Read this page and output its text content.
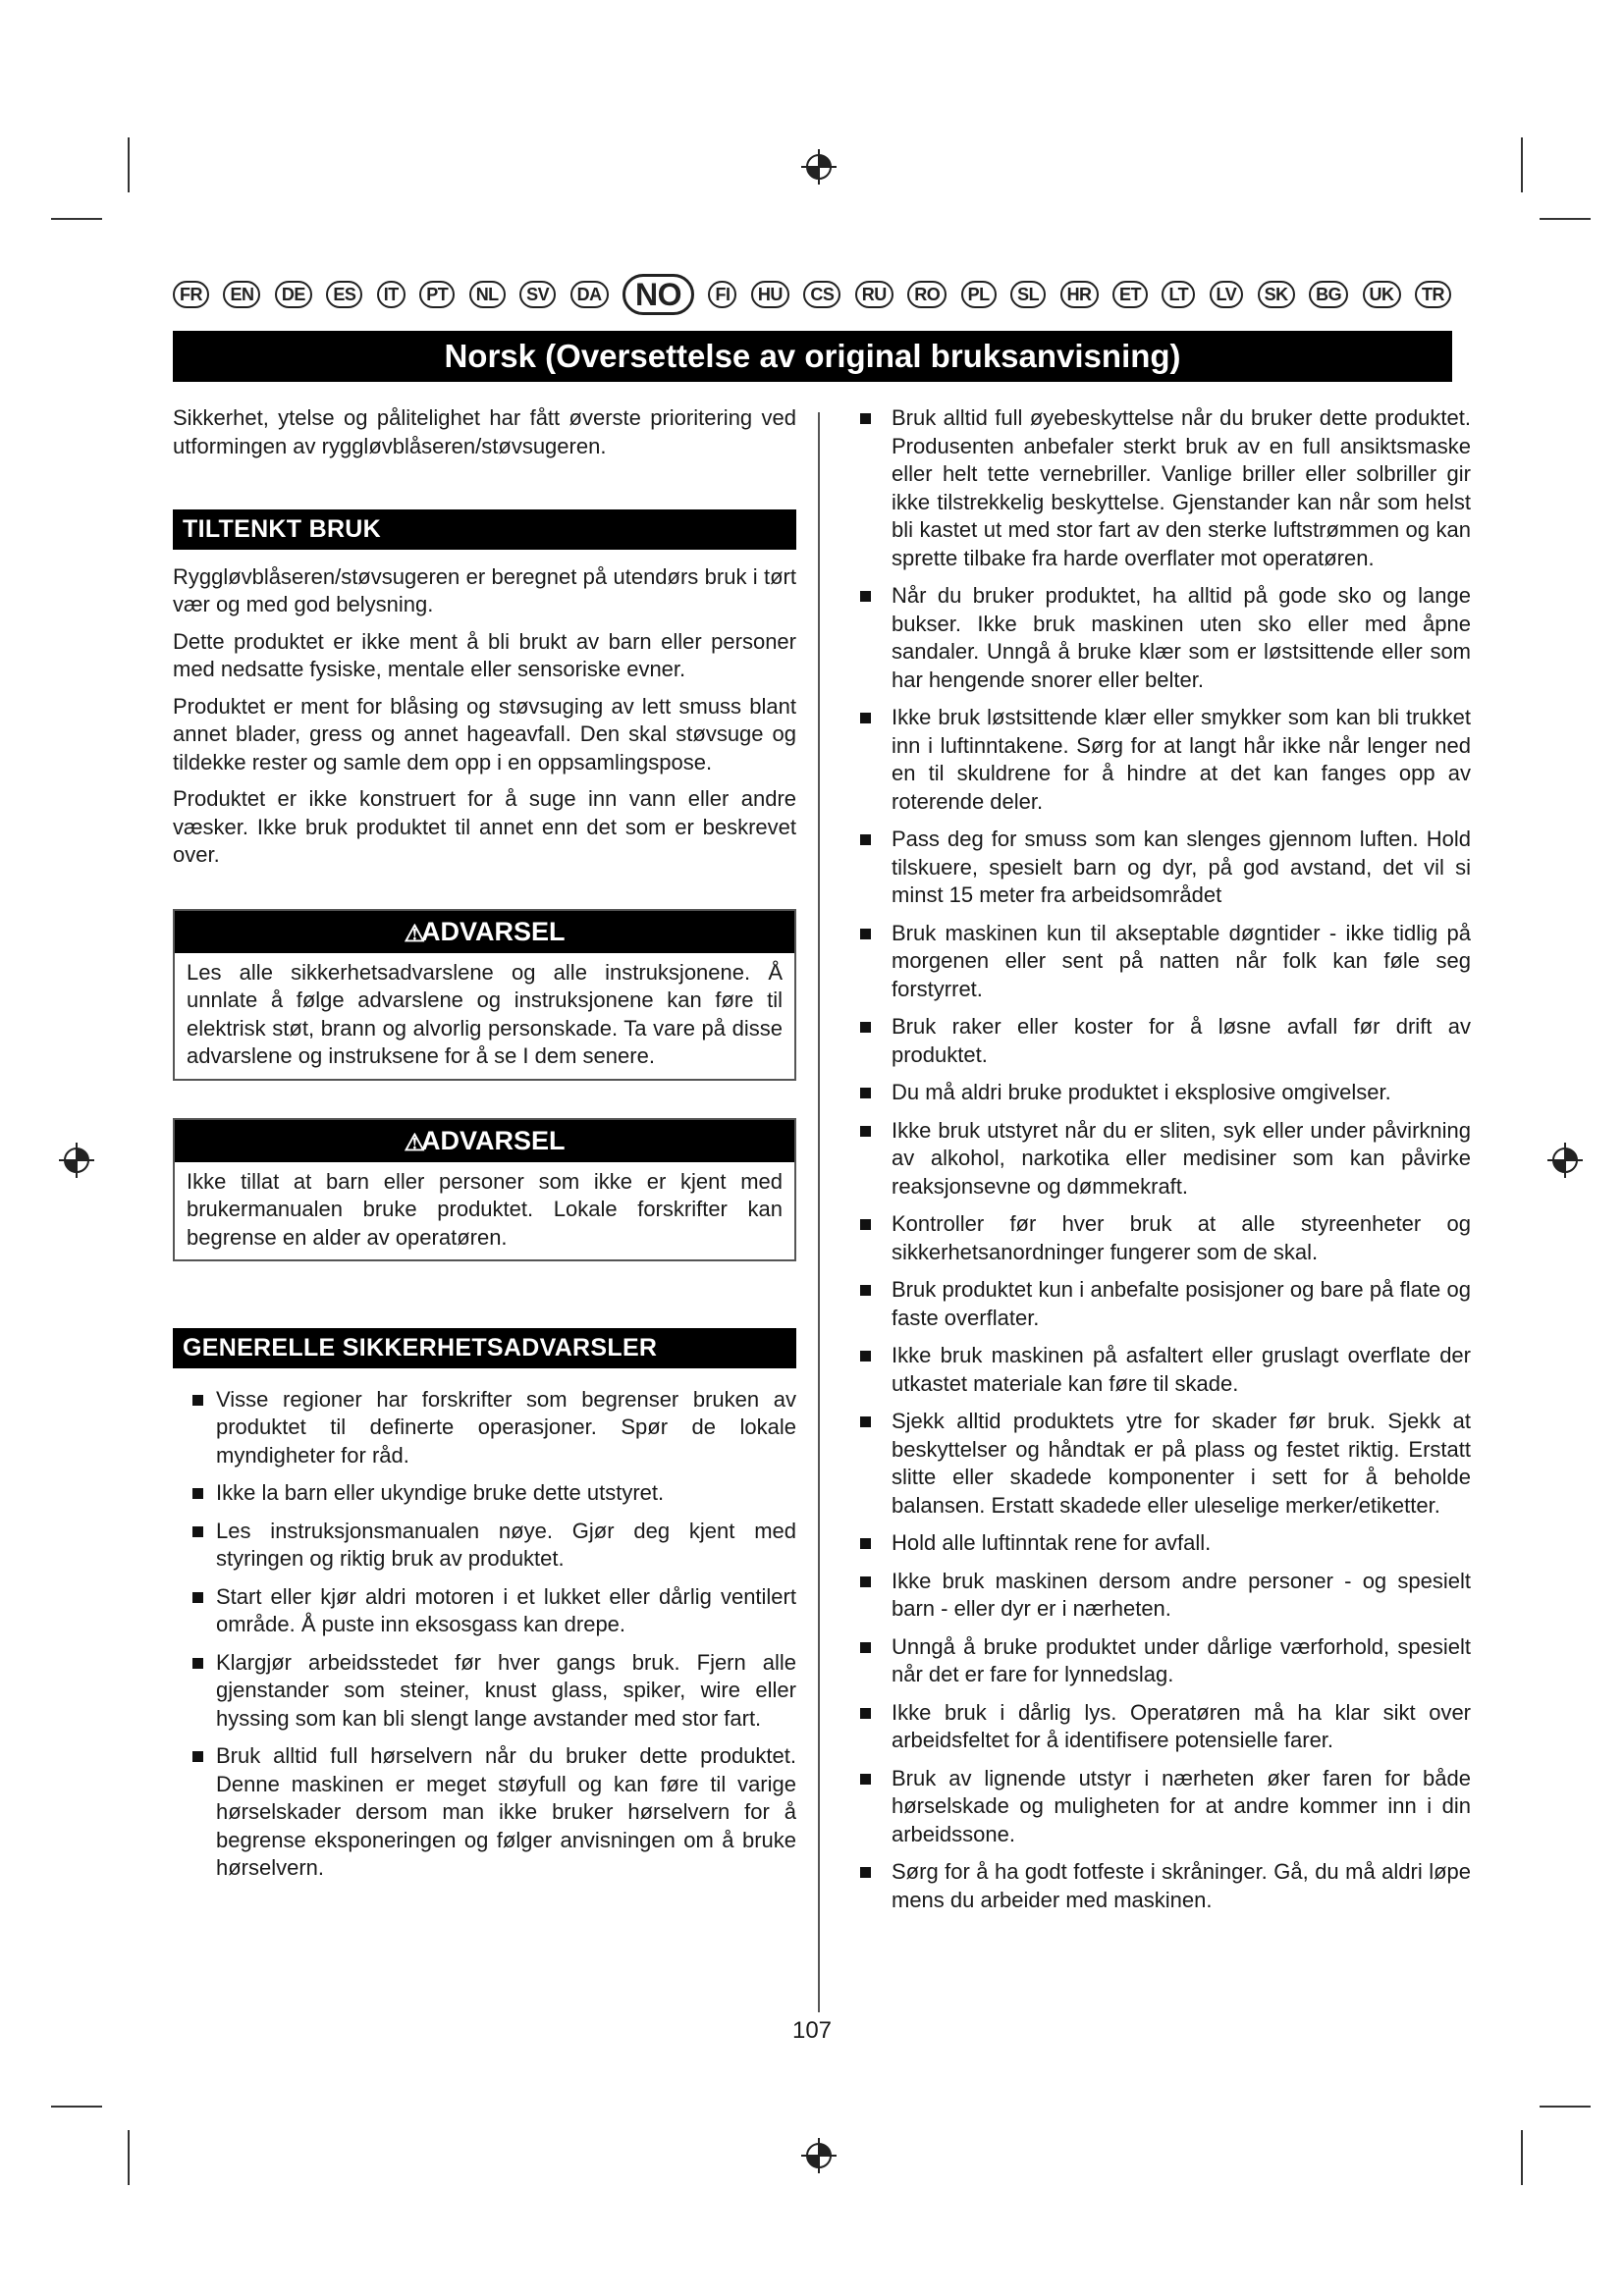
FR	EN	DE	ES	IT	PT	NL	SV	DA	NO	FI	HU	CS	RU	RO	PL	SL	HR	ET	LT	LV	SK	BG	UK	TR
Norsk (Oversettelse av original bruksanvisning)

Sikkerhet, ytelse og pålitelighet har fått øverste prioritering ved utformingen av ryggløvblåseren/støvsugeren.

TILTENKT BRUK

Ryggløvblåseren/støvsugeren er beregnet på utendørs bruk i tørt vær og med god belysning.

Dette produktet er ikke ment å bli brukt av barn eller personer med nedsatte fysiske, mentale eller sensoriske evner.

Produktet er ment for blåsing og støvsuging av lett smuss blant annet blader, gress og annet hageavfall. Den skal støvsuge og tildekke rester og samle dem opp i en oppsamlingspose.

Produktet er ikke konstruert for å suge inn vann eller andre væsker. Ikke bruk produktet til annet enn det som er beskrevet over.

⚠ADVARSEL
Les alle sikkerhetsadvarslene og alle instruksjonene. Å unnlate å følge advarslene og instruksjonene kan føre til elektrisk støt, brann og alvorlig personskade. Ta vare på disse advarslene og instruksene for å se I dem senere.
⚠ADVARSEL
Ikke tillat at barn eller personer som ikke er kjent med brukermanualen bruke produktet. Lokale forskrifter kan begrense en alder av operatøren.
GENERELLE SIKKERHETSADVARSLER
Visse regioner har forskrifter som begrenser bruken av produktet til definerte operasjoner. Spør de lokale myndigheter for råd.
Ikke la barn eller ukyndige bruke dette utstyret.
Les instruksjonsmanualen nøye. Gjør deg kjent med styringen og riktig bruk av produktet.
Start eller kjør aldri motoren i et lukket eller dårlig ventilert område. Å puste inn eksosgass kan drepe.
Klargjør arbeidsstedet før hver gangs bruk. Fjern alle gjenstander som steiner, knust glass, spiker, wire eller hyssing som kan bli slengt lange avstander med stor fart.
Bruk alltid full hørselvern når du bruker dette produktet. Denne maskinen er meget støyfull og kan føre til varige hørselskader dersom man ikke bruker hørselvern for å begrense eksponeringen og følger anvisningen om å bruke hørselvern.
Bruk alltid full øyebeskyttelse når du bruker dette produktet. Produsenten anbefaler sterkt bruk av en full ansiktsmaske eller helt tette vernebriller. Vanlige briller eller solbriller gir ikke tilstrekkelig beskyttelse. Gjenstander kan når som helst bli kastet ut med stor fart av den sterke luftstrømmen og kan sprette tilbake fra harde overflater mot operatøren.
Når du bruker produktet, ha alltid på gode sko og lange bukser. Ikke bruk maskinen uten sko eller med åpne sandaler. Unngå å bruke klær som er løstsittende eller som har hengende snorer eller belter.
Ikke bruk løstsittende klær eller smykker som kan bli trukket inn i luftinntakene. Sørg for at langt hår ikke når lenger ned en til skuldrene for å hindre at det kan fanges opp av roterende deler.
Pass deg for smuss som kan slenges gjennom luften. Hold tilskuere, spesielt barn og dyr, på god avstand, det vil si minst 15 meter fra arbeidsområdet
Bruk maskinen kun til akseptable døgntider - ikke tidlig på morgenen eller sent på natten når folk kan føle seg forstyrret.
Bruk raker eller koster for å løsne avfall før drift av produktet.
Du må aldri bruke produktet i eksplosive omgivelser.
Ikke bruk utstyret når du er sliten, syk eller under påvirkning av alkohol, narkotika eller medisiner som kan påvirke reaksjonsevne og dømmekraft.
Kontroller før hver bruk at alle styreenheter og sikkerhetsanordninger fungerer som de skal.
Bruk produktet kun i anbefalte posisjoner og bare på flate og faste overflater.
Ikke bruk maskinen på asfaltert eller gruslagt overflate der utkastet materiale kan føre til skade.
Sjekk alltid produktets ytre for skader før bruk. Sjekk at beskyttelser og håndtak er på plass og festet riktig. Erstatt slitte eller skadede komponenter i sett for å beholde balansen. Erstatt skadede eller uleselige merker/etiketter.
Hold alle luftinntak rene for avfall.
Ikke bruk maskinen dersom andre personer - og spesielt barn - eller dyr er i nærheten.
Unngå å bruke produktet under dårlige værforhold, spesielt når det er fare for lynnedslag.
Ikke bruk i dårlig lys. Operatøren må ha klar sikt over arbeidsfeltet for å identifisere potensielle farer.
Bruk av lignende utstyr i nærheten øker faren for både hørselskade og muligheten for at andre kommer inn i din arbeidssone.
Sørg for å ha godt fotfeste i skråninger. Gå, du må aldri løpe mens du arbeider med maskinen.
107
